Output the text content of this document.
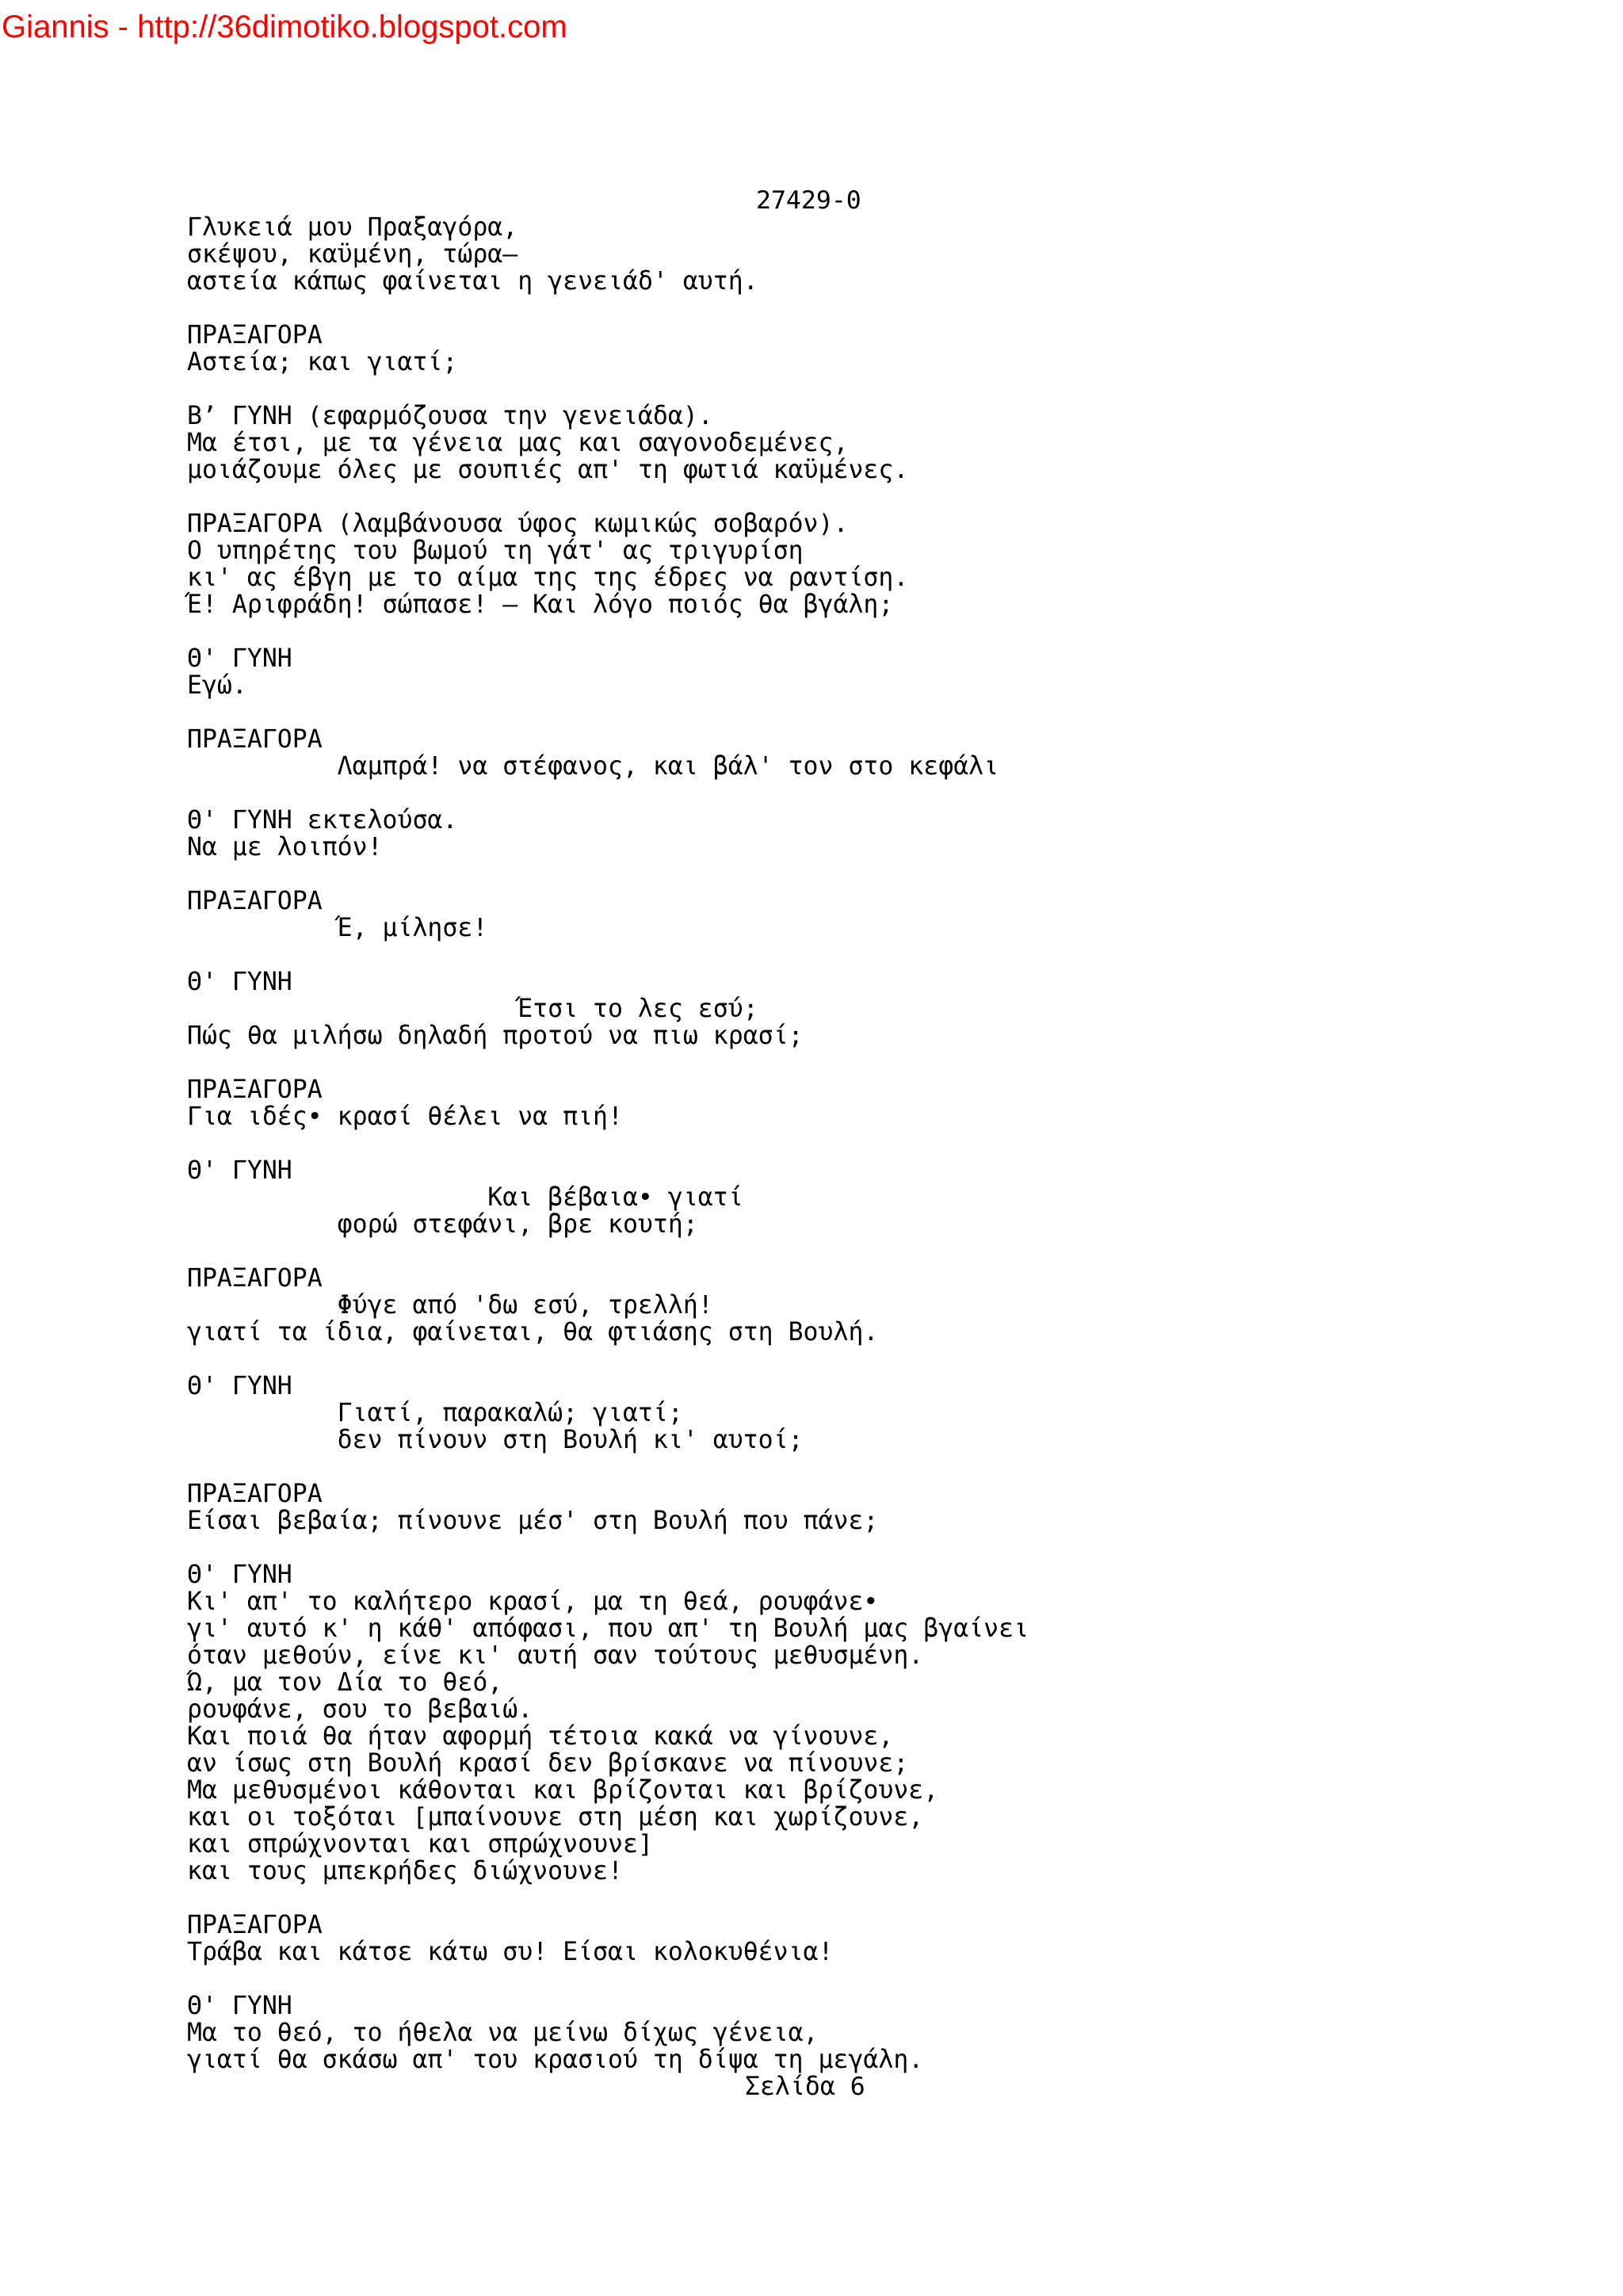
Giannis - http://36dimotiko.blogspot.com
27429-0
Γλυκειά μου Πραξαγόρα,
σκέψου, καϋμένη, τώρα—
αστεία κάπως φαίνεται η γενειάδ' αυτή.
ΠΡΑΞΑΓΟΡΑ
Αστεία; και γιατί;
Β’ ΓΥΝΗ (εφαρμόζουσα την γενειάδα).
Μα έτσι, με τα γένεια μας και σαγονοδεμένες,
μοιάζουμε όλες με σουπιές απ' τη φωτιά καϋμένες.
ΠΡΑΞΑΓΟΡΑ (λαμβάνουσα ύφος κωμικώς σοβαρόν).
Ο υπηρέτης του βωμού τη γάτ' ας τριγυρίση
κι' ας έβγη με το αίμα της της έδρες να ραντίση.
Έ! Αριφράδη! σώπασε! — Και λόγο ποιός θα βγάλη;
Θ' ΓΥΝΗ
Εγώ.
ΠΡΑΞΑΓΟΡΑ
Λαμπρά! να στέφανος, και βάλ' τον στο κεφάλι
Θ' ΓΥΝΗ εκτελούσα.
Να με λοιπόν!
ΠΡΑΞΑΓΟΡΑ
Έ, μίλησε!
Θ' ΓΥΝΗ
Έτσι το λες εσύ;
Πώς θα μιλήσω δηλαδή προτού να πιω κρασί;
ΠΡΑΞΑΓΟΡΑ
Για ιδές• κρασί θέλει να πιή!
Θ' ΓΥΝΗ
Και βέβαια• γιατί
φορώ στεφάνι, βρε κουτή;
ΠΡΑΞΑΓΟΡΑ
Φύγε από 'δω εσύ, τρελλή!
γιατί τα ίδια, φαίνεται, θα φτιάσης στη Βουλή.
Θ' ΓΥΝΗ
Γιατί, παρακαλώ; γιατί;
δεν πίνουν στη Βουλή κι' αυτοί;
ΠΡΑΞΑΓΟΡΑ
Είσαι βεβαία; πίνουνε μέσ' στη Βουλή που πάνε;
Θ' ΓΥΝΗ
Κι' απ' το καλήτερο κρασί, μα τη θεά, ρουφάνε•
γι' αυτό κ' η κάθ' απόφασι, που απ' τη Βουλή μας βγαίνει
όταν μεθούν, είνε κι' αυτή σαν τούτους μεθυσμένη.
Ώ, μα τον Δία το θεό,
ρουφάνε, σου το βεβαιώ.
Και ποιά θα ήταν αφορμή τέτοια κακά να γίνουνε,
αν ίσως στη Βουλή κρασί δεν βρίσκανε να πίνουνε;
Μα μεθυσμένοι κάθονται και βρίζονται και βρίζουνε,
και οι τοξόται [μπαίνουνε στη μέση και χωρίζουνε,
και σπρώχνονται και σπρώχνουνε]
και τους μπεκρήδες διώχνουνε!
ΠΡΑΞΑΓΟΡΑ
Τράβα και κάτσε κάτω συ! Είσαι κολοκυθένια!
Θ' ΓΥΝΗ
Μα το θεό, το ήθελα να μείνω δίχως γένεια,
γιατί θα σκάσω απ' του κρασιού τη δίψα τη μεγάλη.
Σελίδα 6
